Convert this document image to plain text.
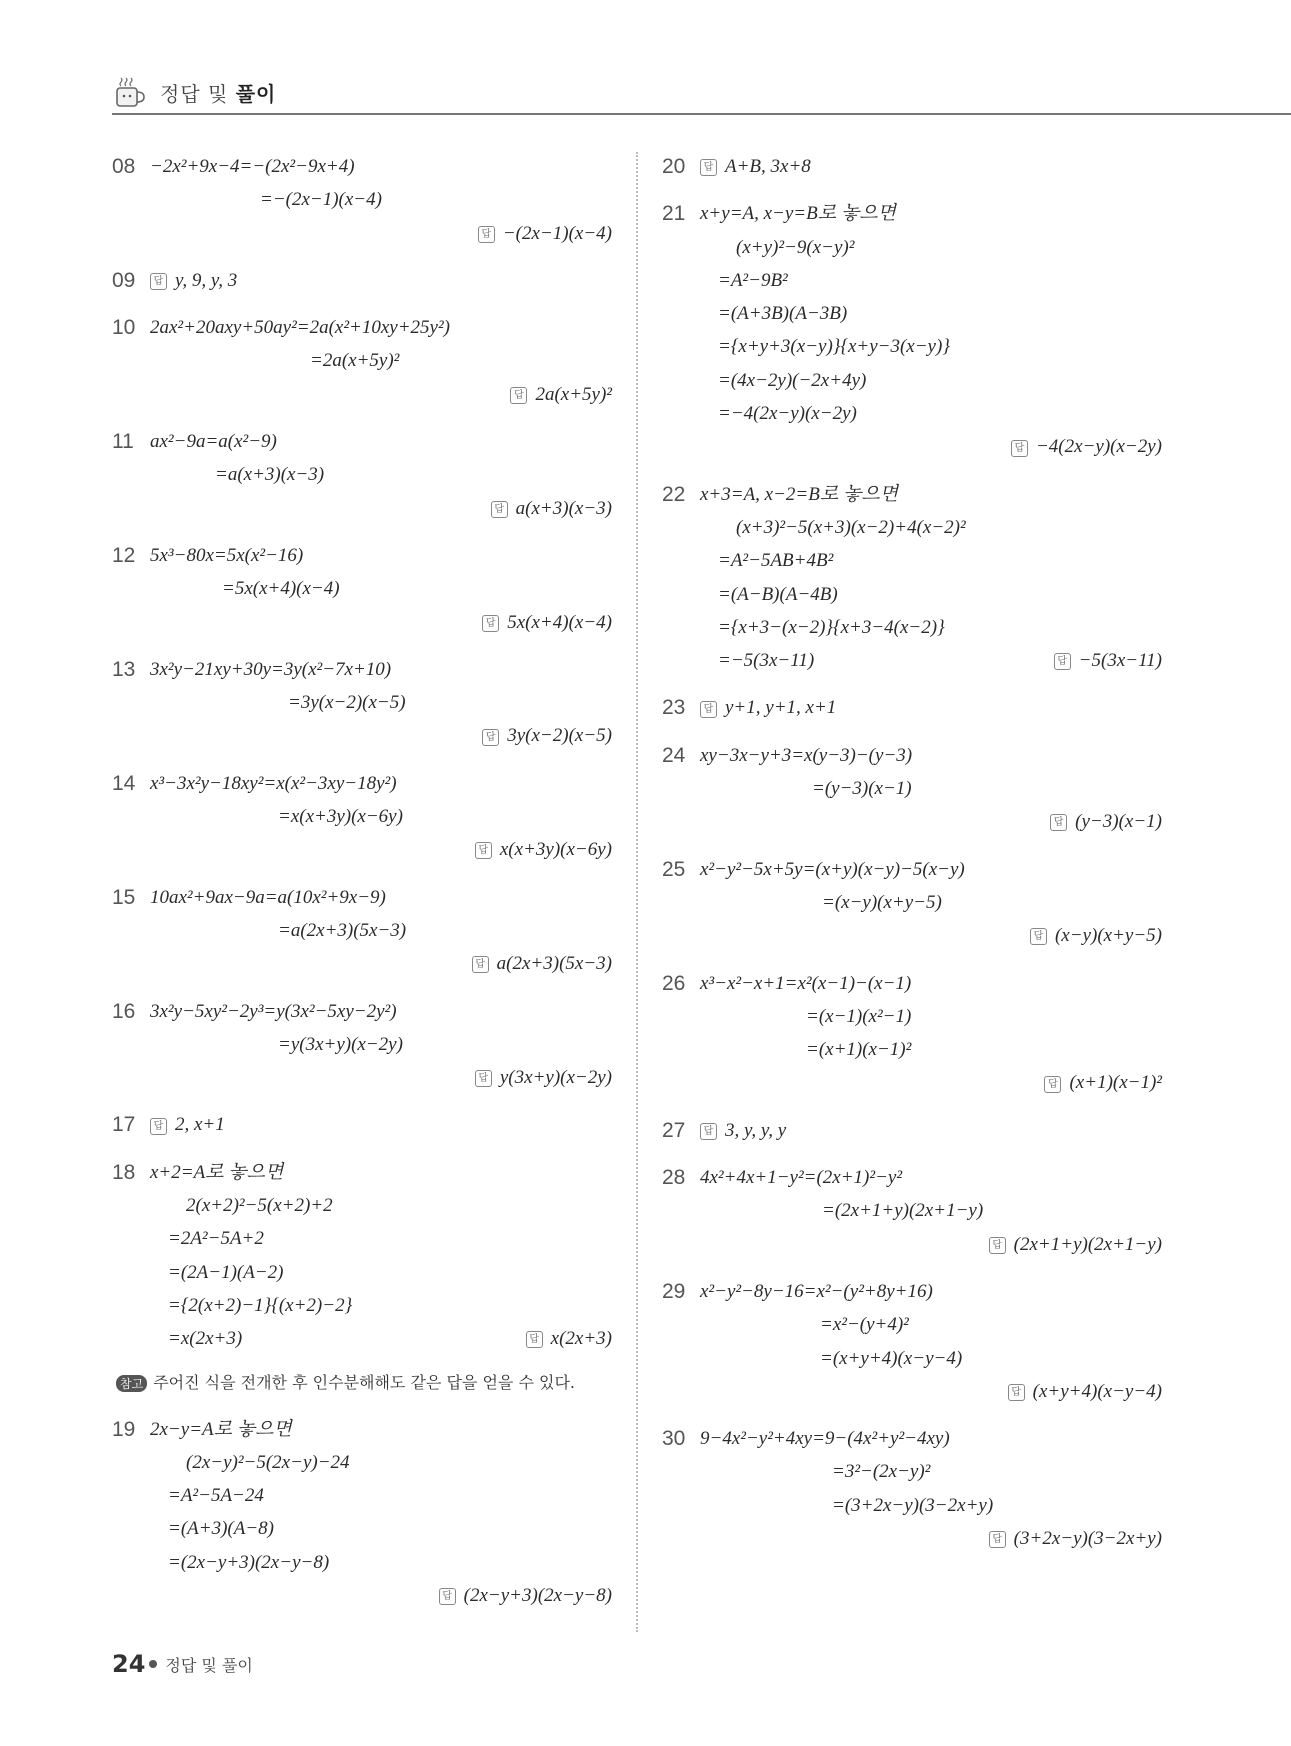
정답 및 풀이
08 −2x²+9x−4=−(2x²−9x+4)
=−(2x−1)(x−4)
답 −(2x−1)(x−4)
09	답 y, 9, y, 3
10 2ax²+20axy+50ay²=2a(x²+10xy+25y²)
=2a(x+5y)²
답 2a(x+5y)²
11 ax²−9a=a(x²−9)
=a(x+3)(x−3)
답 a(x+3)(x−3)
12 5x³−80x=5x(x²−16)
=5x(x+4)(x−4)
답 5x(x+4)(x−4)
13 3x²y−21xy+30y=3y(x²−7x+10)
=3y(x−2)(x−5)
답 3y(x−2)(x−5)
14 x³−3x²y−18xy²=x(x²−3xy−18y²)
=x(x+3y)(x−6y)
답 x(x+3y)(x−6y)
15 10ax²+9ax−9a=a(10x²+9x−9)
=a(2x+3)(5x−3)
답 a(2x+3)(5x−3)
16 3x²y−5xy²−2y³=y(3x²−5xy−2y²)
=y(3x+y)(x−2y)
답 y(3x+y)(x−2y)
17	답 2, x+1
18 x+2=A로 놓으면
2(x+2)²−5(x+2)+2
=2A²−5A+2
=(2A−1)(A−2)
={2(x+2)−1}{(x+2)−2}
=x(2x+3)	답 x(2x+3)
참고 주어진 식을 전개한 후 인수분해해도 같은 답을 얻을 수 있다.
19 2x−y=A로 놓으면
(2x−y)²−5(2x−y)−24
=A²−5A−24
=(A+3)(A−8)
=(2x−y+3)(2x−y−8)
답 (2x−y+3)(2x−y−8)
20	답 A+B, 3x+8
21 x+y=A, x−y=B로 놓으면
(x+y)²−9(x−y)²
=A²−9B²
=(A+3B)(A−3B)
={x+y+3(x−y)}{x+y−3(x−y)}
=(4x−2y)(−2x+4y)
=−4(2x−y)(x−2y)
답 −4(2x−y)(x−2y)
22 x+3=A, x−2=B로 놓으면
(x+3)²−5(x+3)(x−2)+4(x−2)²
=A²−5AB+4B²
=(A−B)(A−4B)
={x+3−(x−2)}{x+3−4(x−2)}
=−5(3x−11)	답 −5(3x−11)
23	답 y+1, y+1, x+1
24 xy−3x−y+3=x(y−3)−(y−3)
=(y−3)(x−1)
답 (y−3)(x−1)
25 x²−y²−5x+5y=(x+y)(x−y)−5(x−y)
=(x−y)(x+y−5)
답 (x−y)(x+y−5)
26 x³−x²−x+1=x²(x−1)−(x−1)
=(x−1)(x²−1)
=(x+1)(x−1)²
답 (x+1)(x−1)²
27	답 3, y, y, y
28 4x²+4x+1−y²=(2x+1)²−y²
=(2x+1+y)(2x+1−y)
답 (2x+1+y)(2x+1−y)
29 x²−y²−8y−16=x²−(y²+8y+16)
=x²−(y+4)²
=(x+y+4)(x−y−4)
답 (x+y+4)(x−y−4)
30 9−4x²−y²+4xy=9−(4x²+y²−4xy)
=3²−(2x−y)²
=(3+2x−y)(3−2x+y)
답 (3+2x−y)(3−2x+y)
24 정답 및 풀이
